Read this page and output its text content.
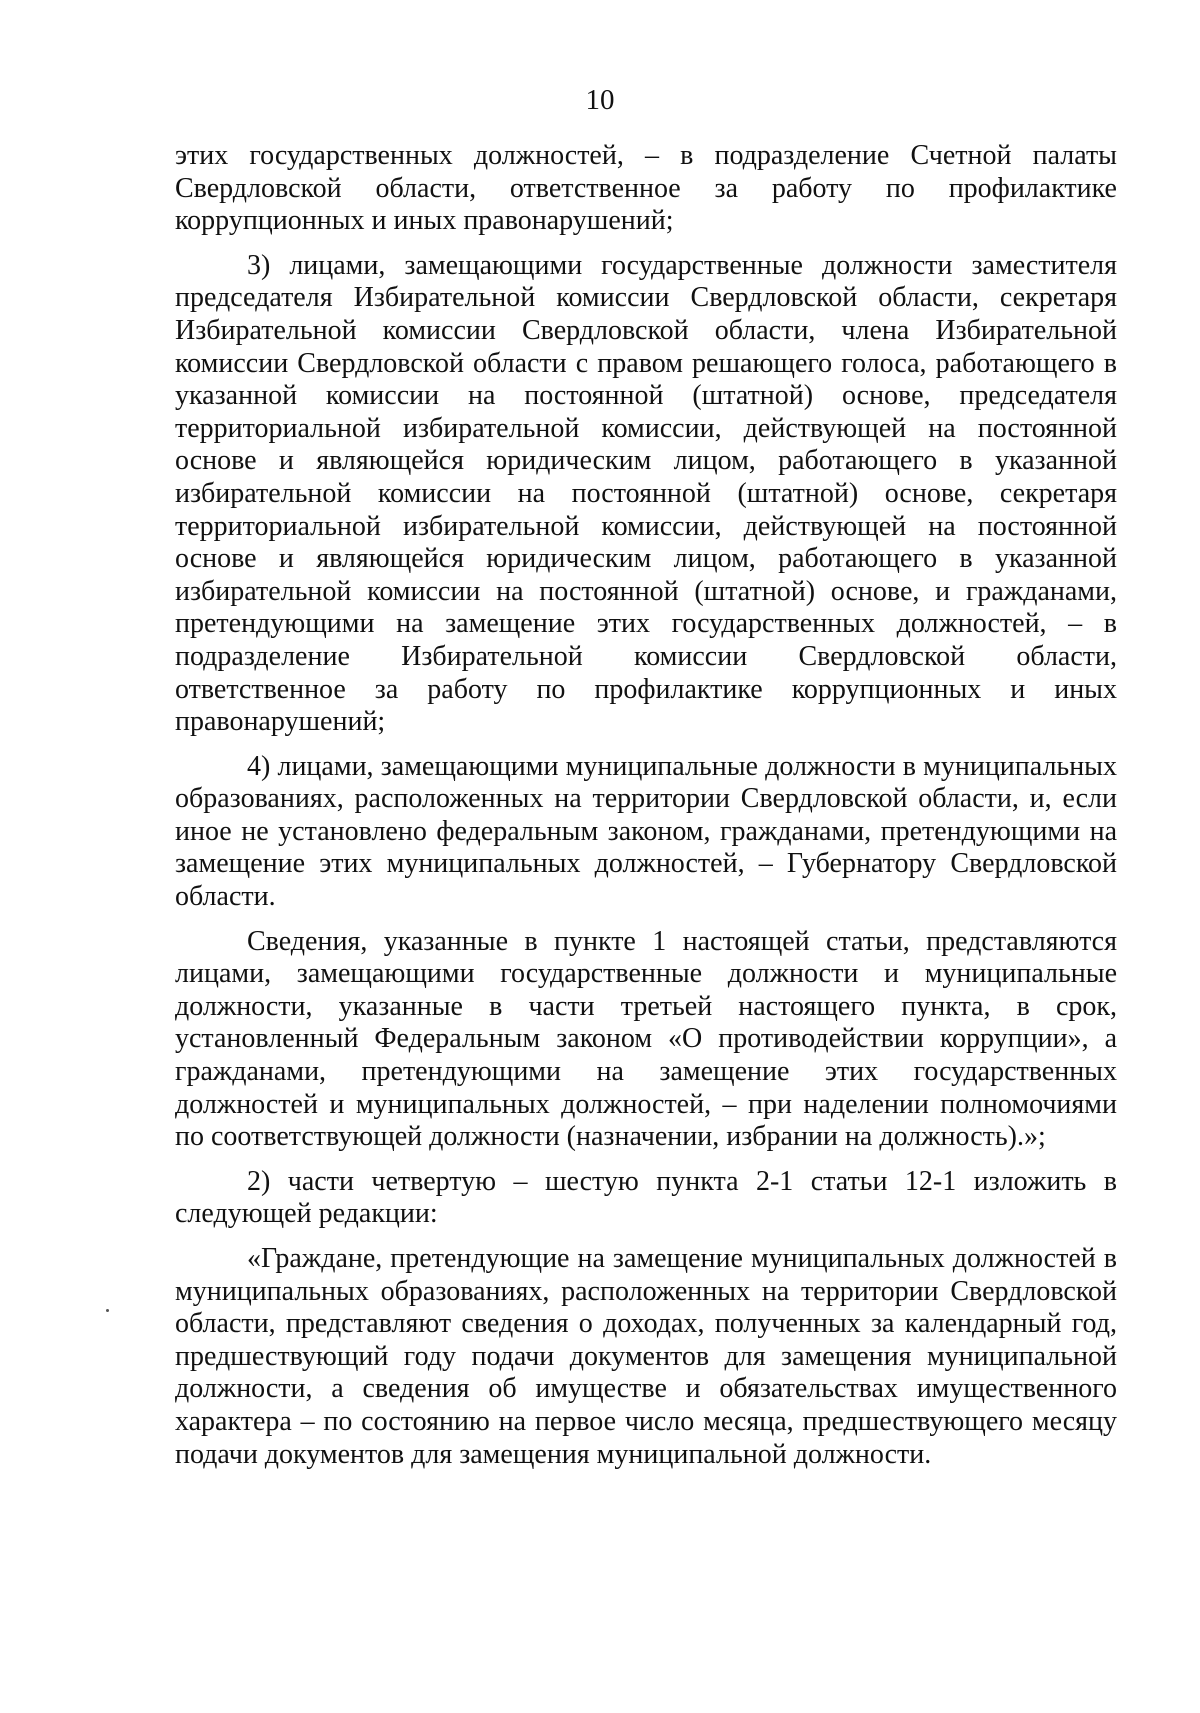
10

этих государственных должностей, – в подразделение Счетной палаты Свердловской области, ответственное за работу по профилактике коррупционных и иных правонарушений;

3) лицами, замещающими государственные должности заместителя председателя Избирательной комиссии Свердловской области, секретаря Избирательной комиссии Свердловской области, члена Избирательной комиссии Свердловской области с правом решающего голоса, работающего в указанной комиссии на постоянной (штатной) основе, председателя территориальной избирательной комиссии, действующей на постоянной основе и являющейся юридическим лицом, работающего в указанной избирательной комиссии на постоянной (штатной) основе, секретаря территориальной избирательной комиссии, действующей на постоянной основе и являющейся юридическим лицом, работающего в указанной избирательной комиссии на постоянной (штатной) основе, и гражданами, претендующими на замещение этих государственных должностей, – в подразделение Избирательной комиссии Свердловской области, ответственное за работу по профилактике коррупционных и иных правонарушений;

4) лицами, замещающими муниципальные должности в муниципальных образованиях, расположенных на территории Свердловской области, и, если иное не установлено федеральным законом, гражданами, претендующими на замещение этих муниципальных должностей, – Губернатору Свердловской области.

Сведения, указанные в пункте 1 настоящей статьи, представляются лицами, замещающими государственные должности и муниципальные должности, указанные в части третьей настоящего пункта, в срок, установленный Федеральным законом «О противодействии коррупции», а гражданами, претендующими на замещение этих государственных должностей и муниципальных должностей, – при наделении полномочиями по соответствующей должности (назначении, избрании на должность).»;

2) части четвертую – шестую пункта 2-1 статьи 12-1 изложить в следующей редакции:

«Граждане, претендующие на замещение муниципальных должностей в муниципальных образованиях, расположенных на территории Свердловской области, представляют сведения о доходах, полученных за календарный год, предшествующий году подачи документов для замещения муниципальной должности, а сведения об имуществе и обязательствах имущественного характера – по состоянию на первое число месяца, предшествующего месяцу подачи документов для замещения муниципальной должности.
